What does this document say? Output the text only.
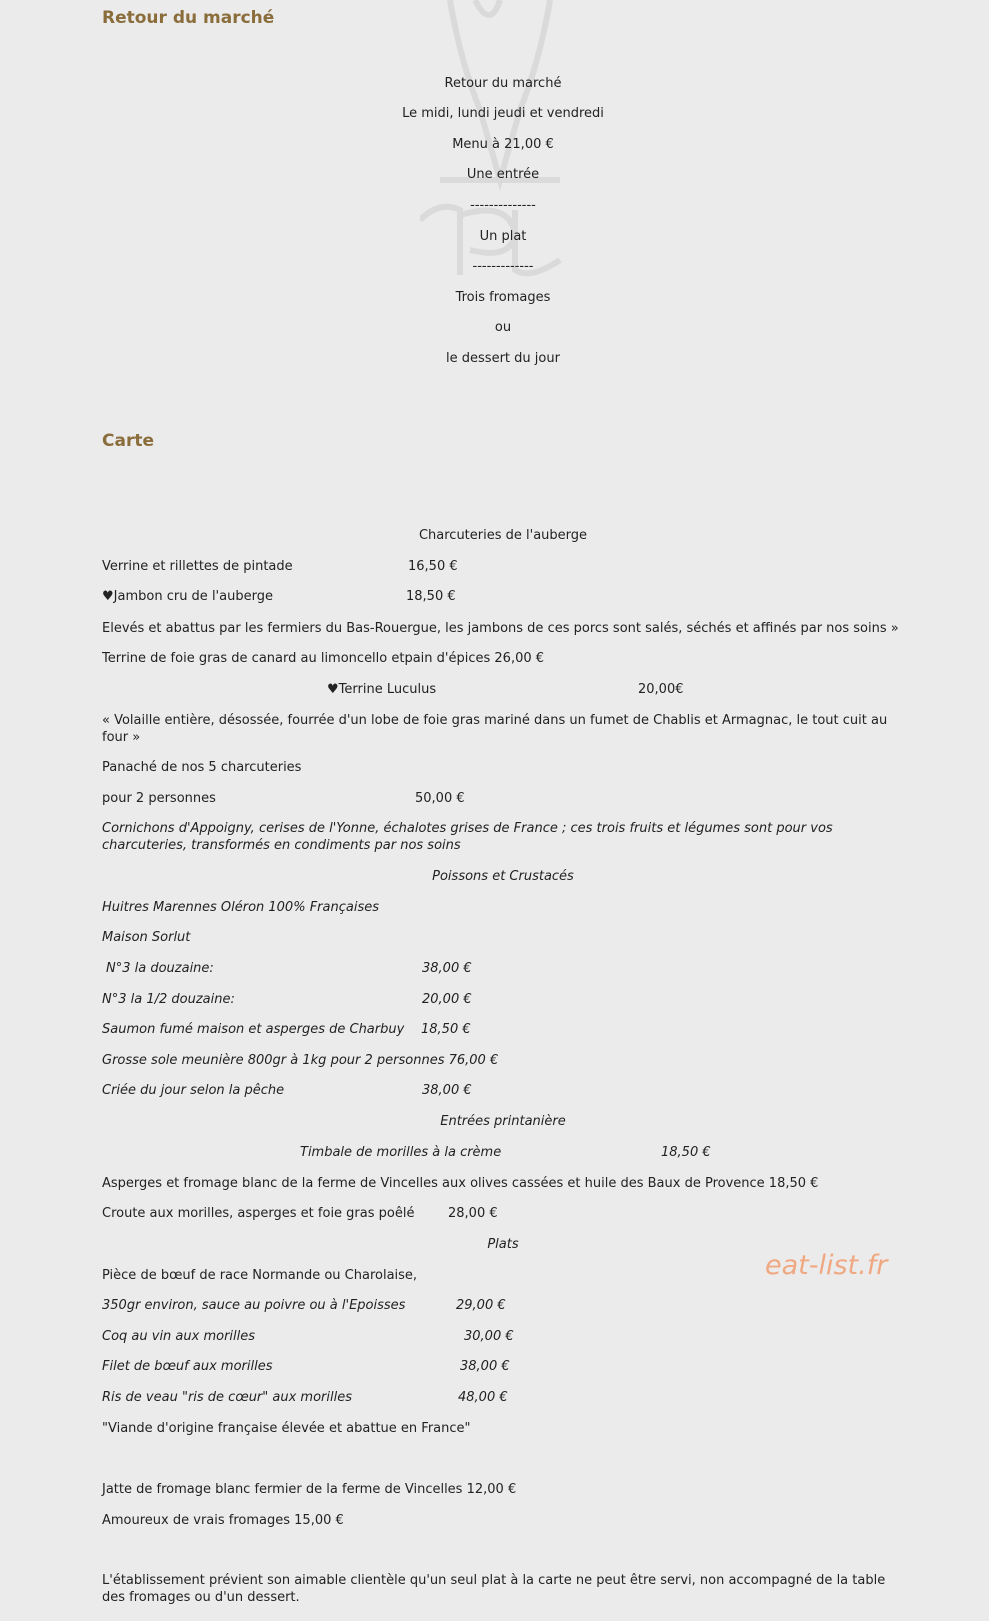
Retour du marché
Retour du marché
Le midi, lundi jeudi et vendredi
Menu à 21,00 €
Une entrée
--------------
Un plat
-------------
Trois fromages
ou
le dessert du jour
Carte
Charcuteries de l'auberge
Verrine et rillettes de pintade	16,50 €
♥Jambon cru de l'auberge	18,50 €
Elevés et abattus par les fermiers du Bas-Rouergue, les jambons de ces porcs sont salés, séchés et affinés par nos soins »
Terrine de foie gras de canard au limoncello etpain d'épices 26,00 €
♥Terrine Luculus	20,00€
« Volaille entière, désossée, fourrée d'un lobe de foie gras mariné dans un fumet de Chablis et Armagnac, le tout cuit au four »
Panaché de nos 5 charcuteries
pour 2 personnes	50,00 €
Cornichons d'Appoigny, cerises de l'Yonne, échalotes grises de France ; ces trois fruits et légumes sont pour vos charcuteries, transformés en condiments par nos soins
Poissons et Crustacés
Huitres Marennes Oléron 100% Françaises
Maison Sorlut
N°3 la douzaine:	38,00 €
N°3 la 1/2 douzaine:	20,00 €
Saumon fumé maison et asperges de Charbuy 18,50 €
Grosse sole meunière 800gr à 1kg pour 2 personnes 76,00 €
Criée du jour selon la pêche	38,00 €
Entrées printanière
Timbale de morilles à la crème	18,50 €
Asperges et fromage blanc de la ferme de Vincelles aux olives cassées et huile des Baux de Provence 18,50 €
Croute aux morilles, asperges et foie gras poêlé	28,00 €
Plats
Pièce de bœuf de race Normande ou Charolaise,
350gr environ, sauce au poivre ou à l'Epoisses	29,00 €
Coq au vin aux morilles	30,00 €
Filet de bœuf aux morilles	38,00 €
Ris de veau "ris de cœur" aux morilles	48,00 €
"Viande d'origine française élevée et abattue en France"
Jatte de fromage blanc fermier de la ferme de Vincelles 12,00 €
Amoureux de vrais fromages 15,00 €
L'établissement prévient son aimable clientèle qu'un seul plat à la carte ne peut être servi, non accompagné de la table des fromages ou d'un dessert.
eat-list.fr
